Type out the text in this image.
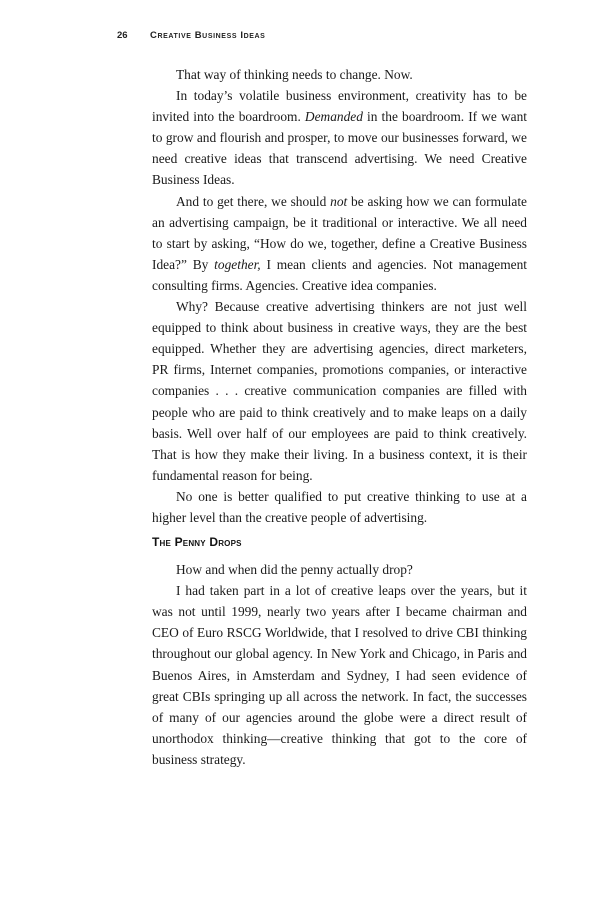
26 Creative Business Ideas

That way of thinking needs to change. Now.

In today’s volatile business environment, creativity has to be invited into the boardroom. Demanded in the boardroom. If we want to grow and flourish and prosper, to move our businesses forward, we need creative ideas that transcend advertising. We need Creative Business Ideas.

And to get there, we should not be asking how we can formulate an advertising campaign, be it traditional or interactive. We all need to start by asking, “How do we, together, define a Creative Business Idea?” By together, I mean clients and agencies. Not management consulting firms. Agencies. Creative idea companies.

Why? Because creative advertising thinkers are not just well equipped to think about business in creative ways, they are the best equipped. Whether they are advertising agencies, direct marketers, PR firms, Internet companies, promotions companies, or interactive companies . . . creative communication companies are filled with people who are paid to think creatively and to make leaps on a daily basis. Well over half of our employees are paid to think creatively. That is how they make their living. In a business context, it is their fundamental reason for being.

No one is better qualified to put creative thinking to use at a higher level than the creative people of advertising.

The Penny Drops

How and when did the penny actually drop?

I had taken part in a lot of creative leaps over the years, but it was not until 1999, nearly two years after I became chairman and CEO of Euro RSCG Worldwide, that I resolved to drive CBI thinking throughout our global agency. In New York and Chicago, in Paris and Buenos Aires, in Amsterdam and Sydney, I had seen evidence of great CBIs springing up all across the network. In fact, the successes of many of our agencies around the globe were a direct result of unorthodox thinking—creative thinking that got to the core of business strategy.
